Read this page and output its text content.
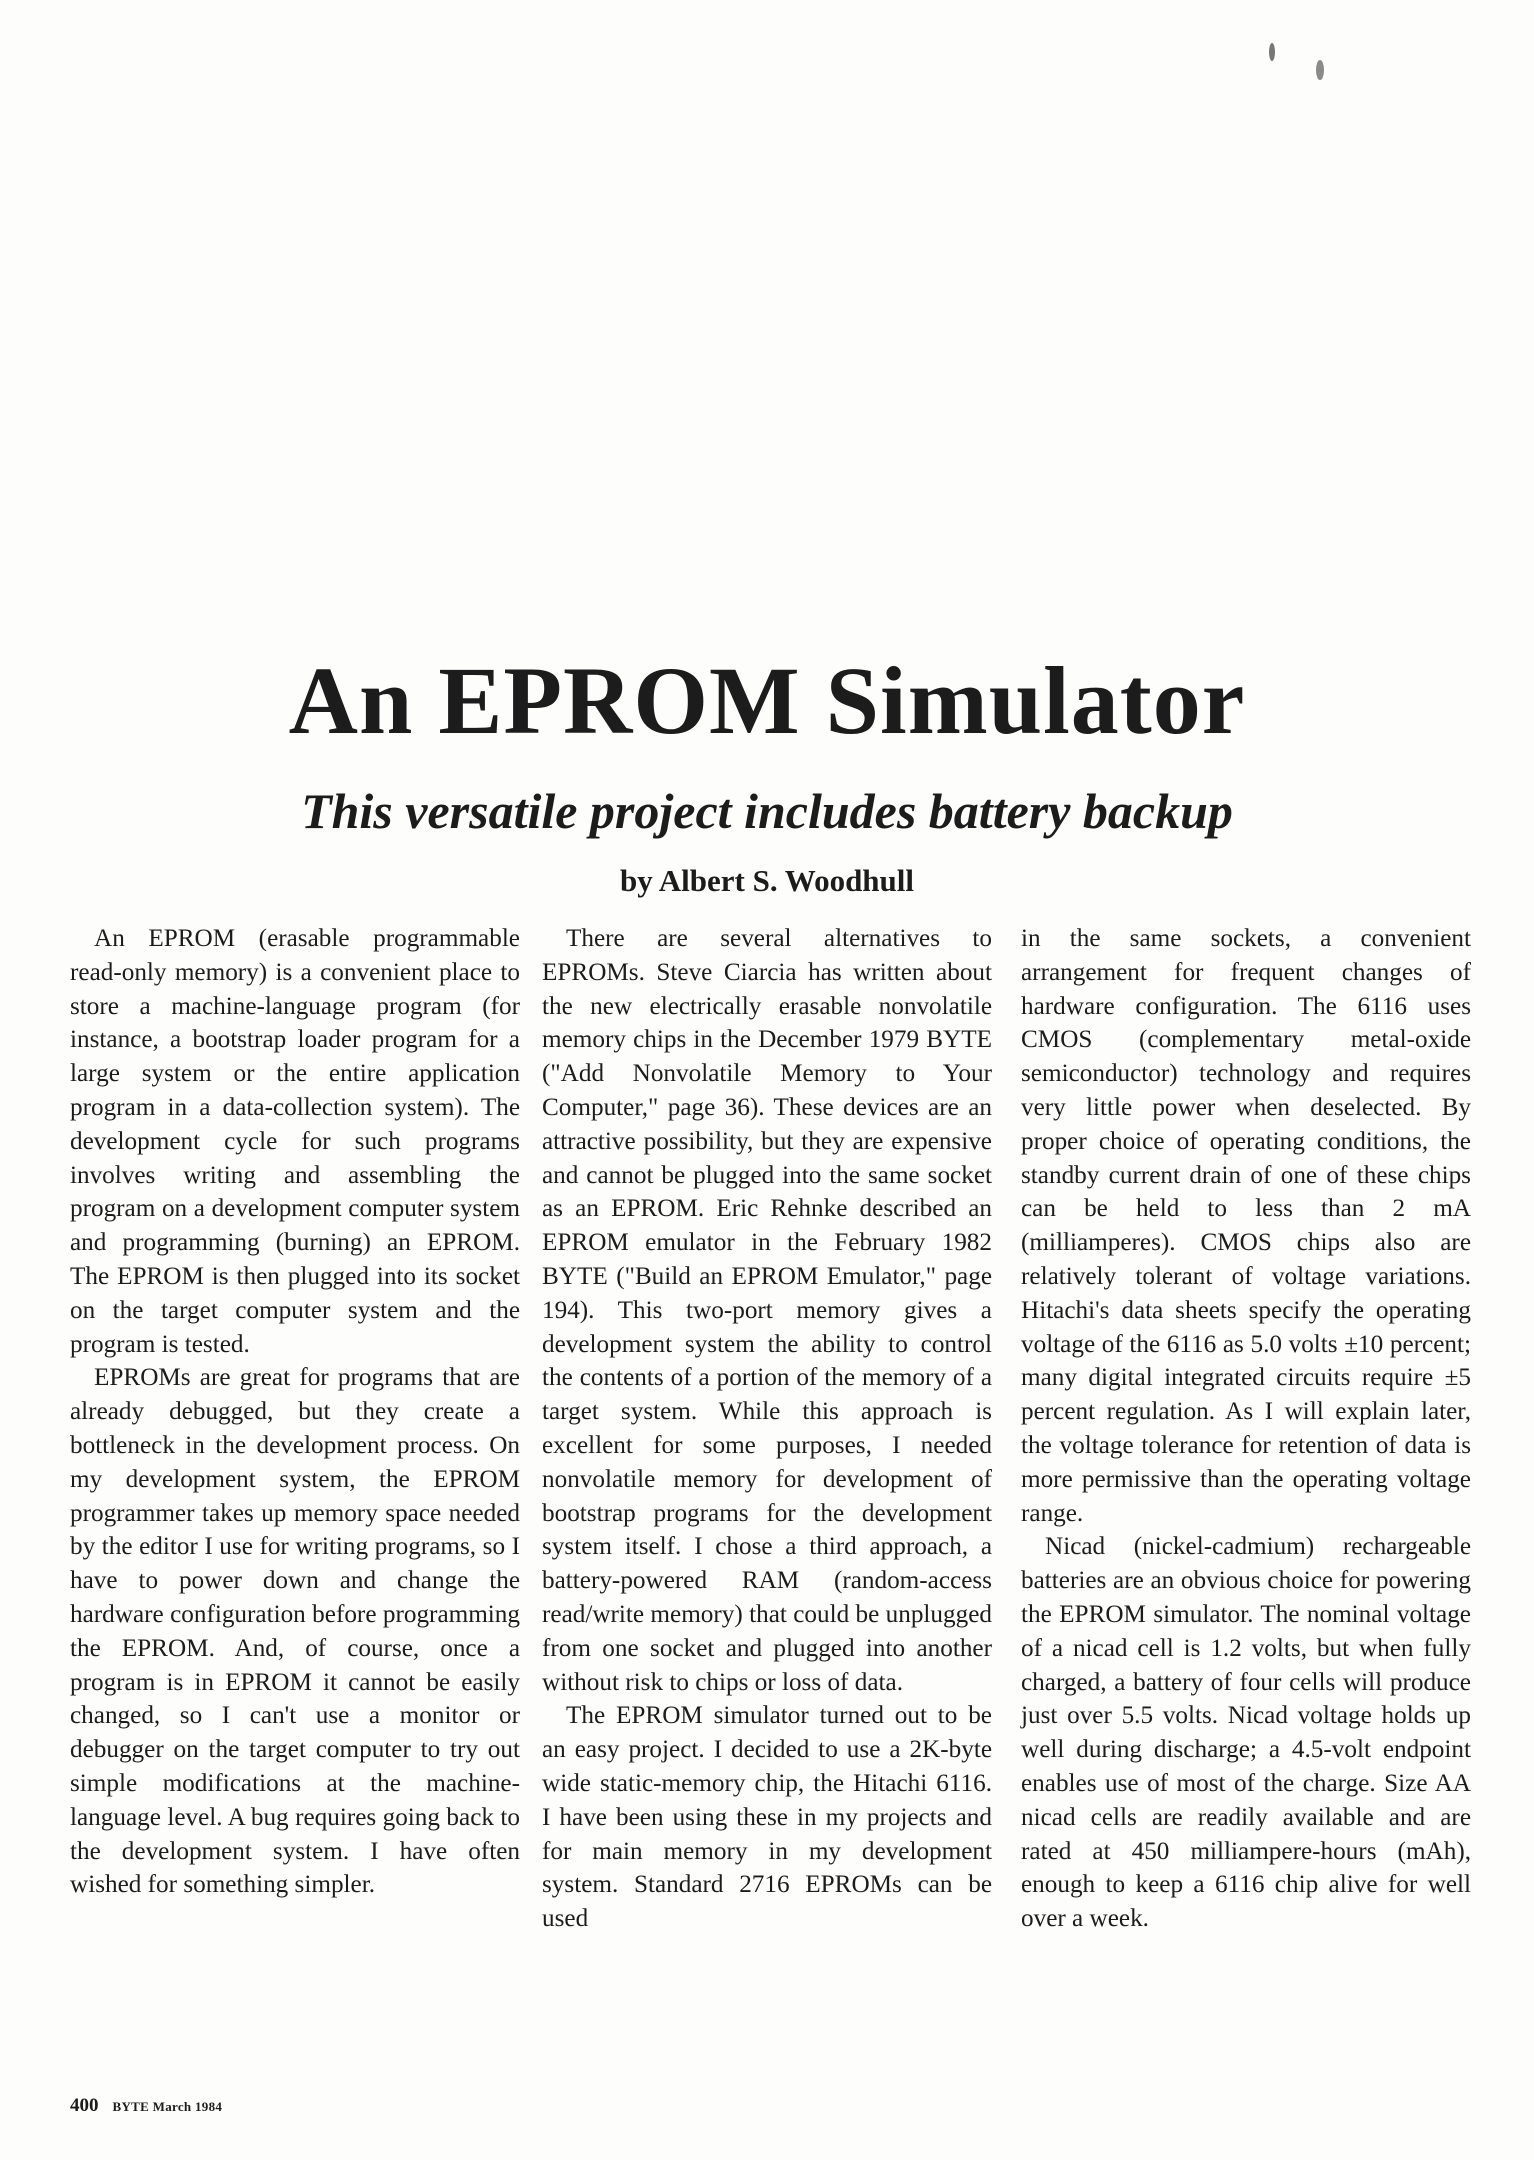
An EPROM Simulator
This versatile project includes battery backup
by Albert S. Woodhull

An EPROM (erasable programmable read-only memory) is a convenient place to store a machine-language program (for instance, a bootstrap loader program for a large system or the entire application program in a data-collection system). The development cycle for such programs involves writing and assembling the program on a development computer system and programming (burning) an EPROM. The EPROM is then plugged into its socket on the target computer system and the program is tested.

EPROMs are great for programs that are already debugged, but they create a bottleneck in the development process. On my development system, the EPROM programmer takes up memory space needed by the editor I use for writing programs, so I have to power down and change the hardware configuration before programming the EPROM. And, of course, once a program is in EPROM it cannot be easily changed, so I can't use a monitor or debugger on the target computer to try out simple modifications at the machine-language level. A bug requires going back to the development system. I have often wished for something simpler.

There are several alternatives to EPROMs. Steve Ciarcia has written about the new electrically erasable nonvolatile memory chips in the December 1979 BYTE ("Add Nonvolatile Memory to Your Computer," page 36). These devices are an attractive possibility, but they are expensive and cannot be plugged into the same socket as an EPROM. Eric Rehnke described an EPROM emulator in the February 1982 BYTE ("Build an EPROM Emulator," page 194). This two-port memory gives a development system the ability to control the contents of a portion of the memory of a target system. While this approach is excellent for some purposes, I needed nonvolatile memory for development of bootstrap programs for the development system itself. I chose a third approach, a battery-powered RAM (random-access read/write memory) that could be unplugged from one socket and plugged into another without risk to chips or loss of data.

The EPROM simulator turned out to be an easy project. I decided to use a 2K-byte wide static-memory chip, the Hitachi 6116. I have been using these in my projects and for main memory in my development system. Standard 2716 EPROMs can be used

in the same sockets, a convenient arrangement for frequent changes of hardware configuration. The 6116 uses CMOS (complementary metal-oxide semiconductor) technology and requires very little power when deselected. By proper choice of operating conditions, the standby current drain of one of these chips can be held to less than 2 mA (milliamperes). CMOS chips also are relatively tolerant of voltage variations. Hitachi's data sheets specify the operating voltage of the 6116 as 5.0 volts ±10 percent; many digital integrated circuits require ±5 percent regulation. As I will explain later, the voltage tolerance for retention of data is more permissive than the operating voltage range.

Nicad (nickel-cadmium) rechargeable batteries are an obvious choice for powering the EPROM simulator. The nominal voltage of a nicad cell is 1.2 volts, but when fully charged, a battery of four cells will produce just over 5.5 volts. Nicad voltage holds up well during discharge; a 4.5-volt endpoint enables use of most of the charge. Size AA nicad cells are readily available and are rated at 450 milliampere-hours (mAh), enough to keep a 6116 chip alive for well over a week.

400 BYTE March 1984
